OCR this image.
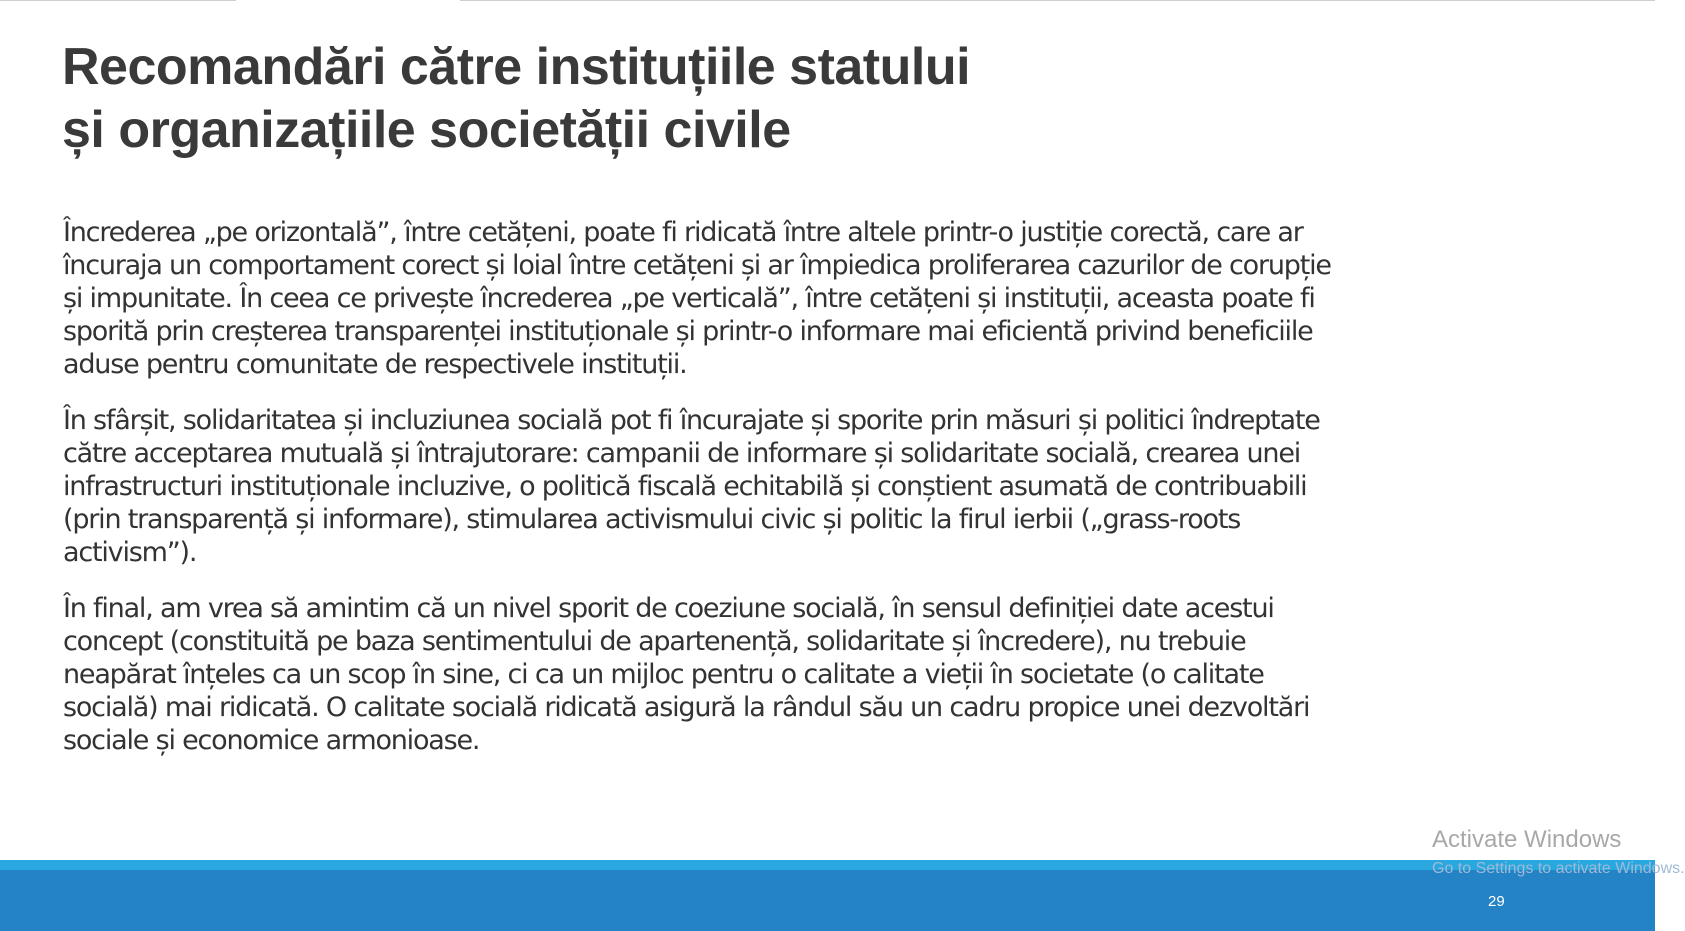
Recomandări către instituțiile statului
și organizațiile societății civile

Încrederea „pe orizontală”, între cetățeni, poate fi ridicată între altele printr-o justiție corectă, care ar
încuraja un comportament corect și loial între cetățeni și ar împiedica proliferarea cazurilor de corupție
și impunitate. În ceea ce privește încrederea „pe verticală”, între cetățeni și instituții, aceasta poate fi
sporită prin creșterea transparenței instituționale și printr-o informare mai eficientă privind beneficiile
aduse pentru comunitate de respectivele instituții.

În sfârșit, solidaritatea și incluziunea socială pot fi încurajate și sporite prin măsuri și politici îndreptate
către acceptarea mutuală și întrajutorare: campanii de informare și solidaritate socială, crearea unei
infrastructuri instituționale incluzive, o politică fiscală echitabilă și conștient asumată de contribuabili
(prin transparență și informare), stimularea activismului civic și politic la firul ierbii („grass-roots
activism”).

În final, am vrea să amintim că un nivel sporit de coeziune socială, în sensul definiției date acestui
concept (constituită pe baza sentimentului de apartenență, solidaritate și încredere), nu trebuie
neapărat înțeles ca un scop în sine, ci ca un mijloc pentru o calitate a vieții în societate (o calitate
socială) mai ridicată. O calitate socială ridicată asigură la rândul său un cadru propice unei dezvoltări
sociale și economice armonioase.

Activate Windows
Go to Settings to activate Windows.
29
